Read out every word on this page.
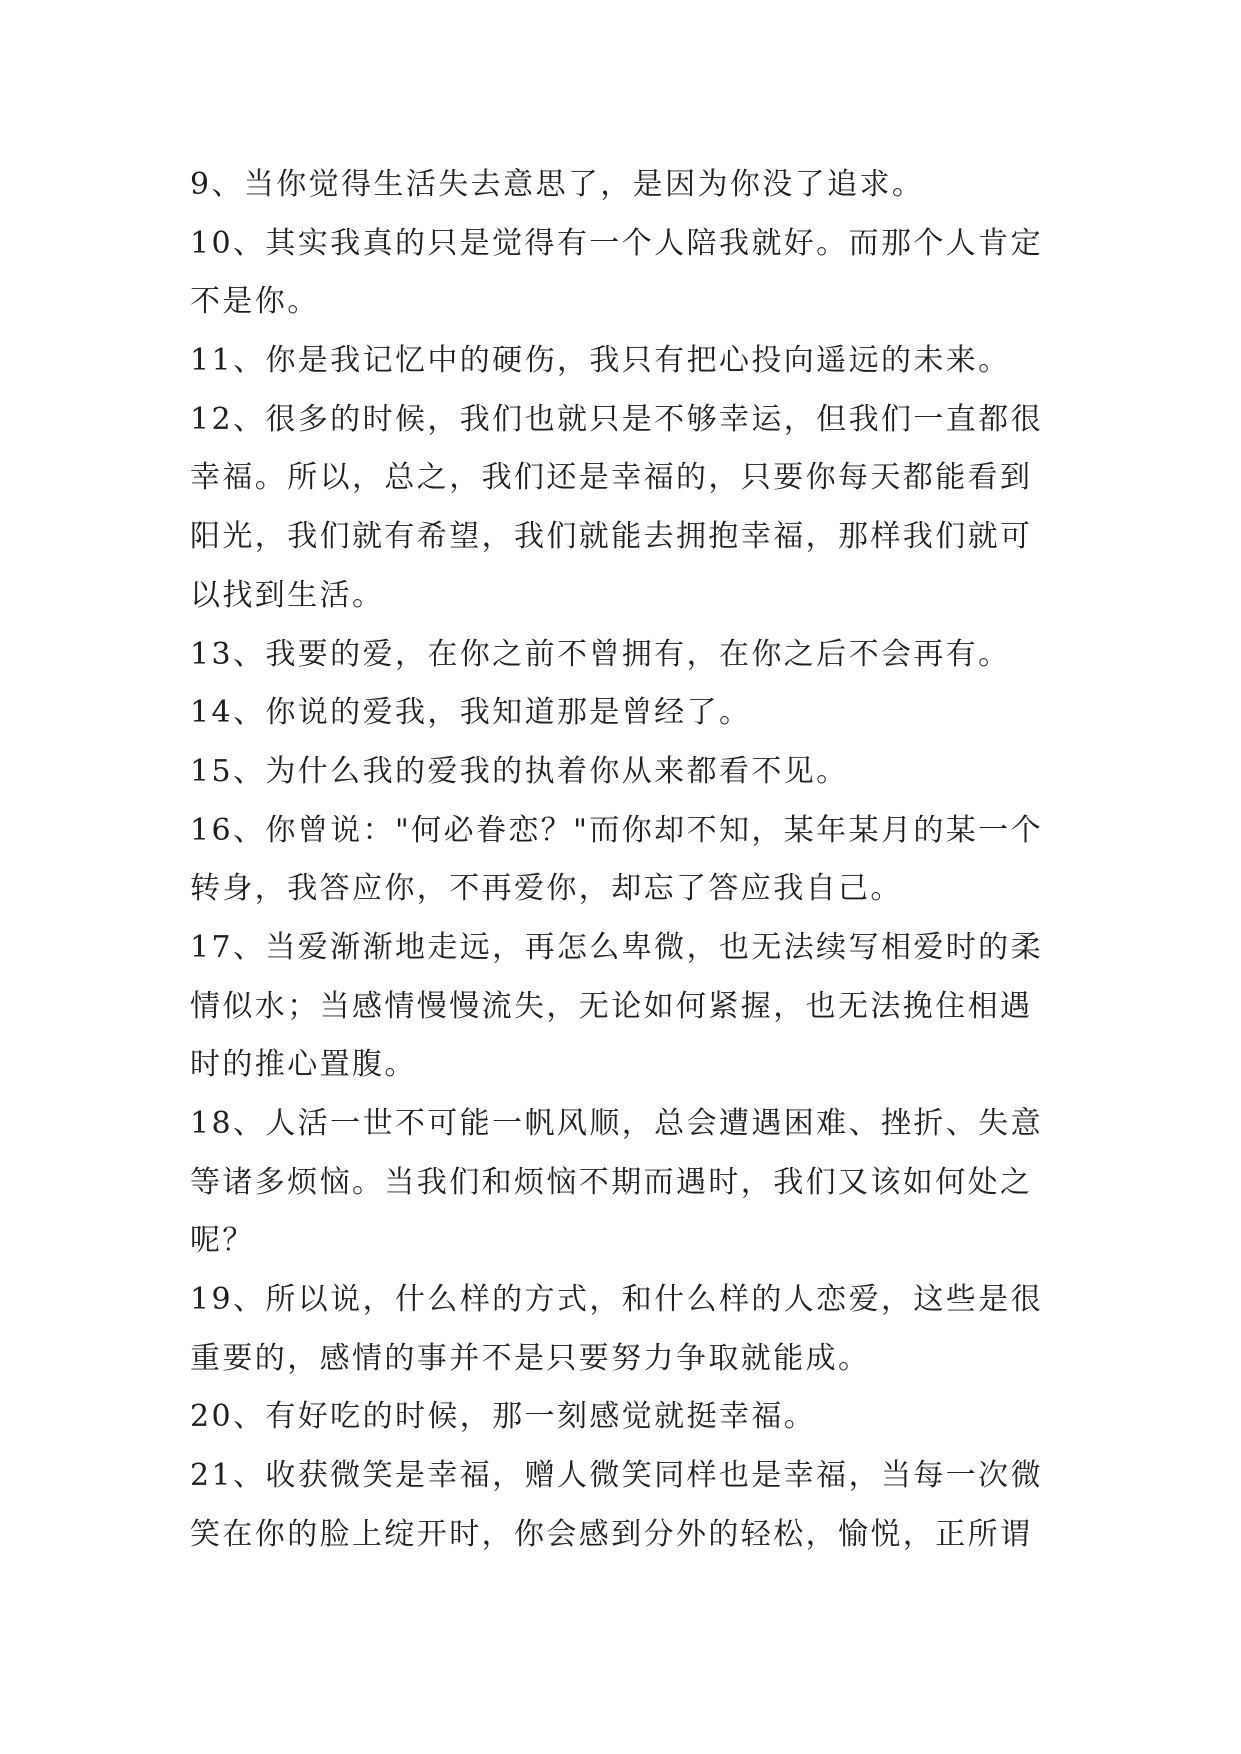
9、当你觉得生活失去意思了，是因为你没了追求。
10、其实我真的只是觉得有一个人陪我就好。而那个人肯定
不是你。
11、你是我记忆中的硬伤，我只有把心投向遥远的未来。
12、很多的时候，我们也就只是不够幸运，但我们一直都很
幸福。所以，总之，我们还是幸福的，只要你每天都能看到
阳光，我们就有希望，我们就能去拥抱幸福，那样我们就可
以找到生活。
13、我要的爱，在你之前不曾拥有，在你之后不会再有。
14、你说的爱我，我知道那是曾经了。
15、为什么我的爱我的执着你从来都看不见。
16、你曾说："何必眷恋？"而你却不知，某年某月的某一个
转身，我答应你，不再爱你，却忘了答应我自己。
17、当爱渐渐地走远，再怎么卑微，也无法续写相爱时的柔
情似水；当感情慢慢流失，无论如何紧握，也无法挽住相遇
时的推心置腹。
18、人活一世不可能一帆风顺，总会遭遇困难、挫折、失意
等诸多烦恼。当我们和烦恼不期而遇时，我们又该如何处之
呢？
19、所以说，什么样的方式，和什么样的人恋爱，这些是很
重要的，感情的事并不是只要努力争取就能成。
20、有好吃的时候，那一刻感觉就挺幸福。
21、收获微笑是幸福，赠人微笑同样也是幸福，当每一次微
笑在你的脸上绽开时，你会感到分外的轻松，愉悦，正所谓
